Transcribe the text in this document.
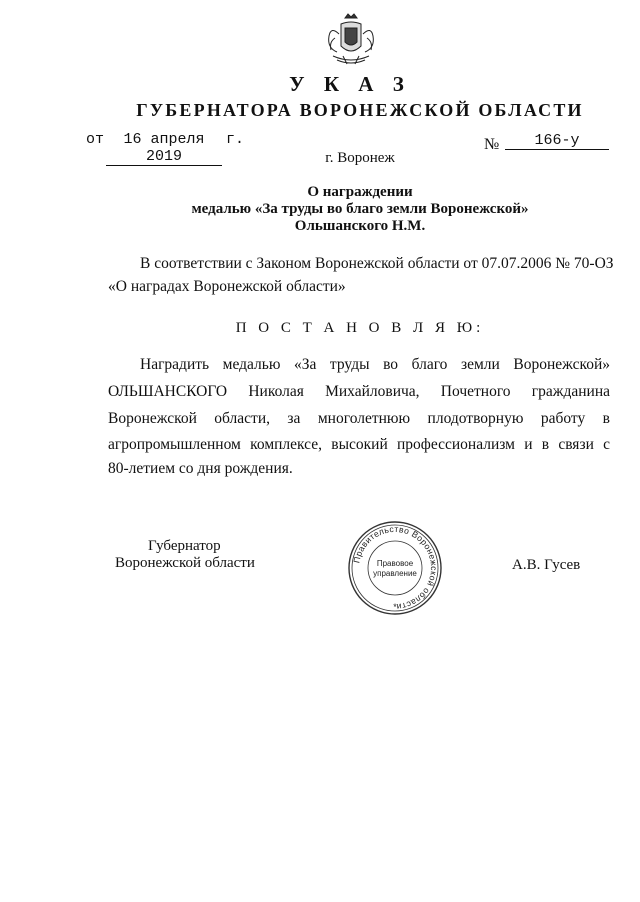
У К А З
ГУБЕРНАТОРА ВОРОНЕЖСКОЙ ОБЛАСТИ
от	16 апреля 2019
г.	№	166-у
г. Воронеж
О награждении
медалью «За труды во благо земли Воронежской»
Ольшанского Н.М.
В соответствии с Законом Воронежской области от 07.07.2006 № 70-ОЗ
«О наградах Воронежской области»
П О С Т А Н О В Л Я Ю:
Наградить медалью «За труды во благо земли Воронежской»
ОЛЬШАНСКОГО Николая Михайловича, Почетного гражданина
Воронежской области, за многолетнюю плодотворную работу в
агропромышленном комплексе, высокий профессионализм и в связи с
80-летием со дня рождения.
Губернатор
Воронежской области	А.В. Гусев
Правительство Воронежской области
Правовое
управление
*
